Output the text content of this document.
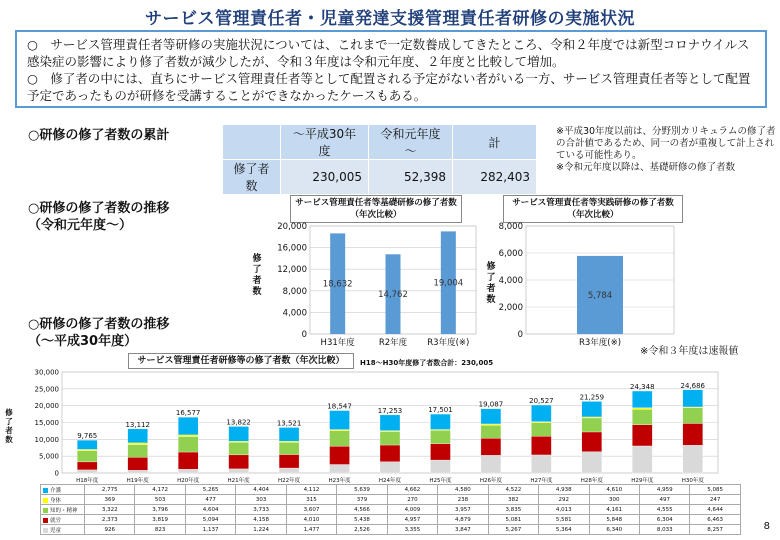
サービス管理責任者・児童発達支援管理責任者研修の実施状況

○　サービス管理責任者等研修の実施状況については、これまで一定数養成してきたところ、令和２年度では新型コロナウイルス感染症の影響により修了者数が減少したが、令和３年度は令和元年度、２年度と比較して増加。

○　修了者の中には、直ちにサービス管理責任者等として配置される予定がない者がいる一方、サービス管理責任者等として配置予定であったものが研修を受講することができなかったケースもある。

○研修の修了者数の累計
		～平成30年度	令和元年度～	計
修了者数	230,005	52,398	282,403
※平成30年度以前は、分野別カリキュラムの修了者の合計値であるため、同一の者が重複して計上されている可能性あり。
※令和元年度以降は、基礎研修の修了者数
○研修の修了者数の推移
（令和元年度～）
○研修の修了者数の推移
（～平成30年度）
サービス管理責任者等基礎研修の修了者数（年次比較）
修了者数
0
4,000
8,000
12,000
16,000
20,000
18,632
H31年度
14,762
R2年度
19,004
R3年度(※)
サービス管理責任者等実践研修の修了者数（年次比較）
修了者数
0
2,000
4,000
6,000
8,000
5,784
R3年度(※)
※令和３年度は速報値
サービス管理責任者研修等の修了者数（年次比較）	H18～H30年度修了者数合計：230,005
修了者数
0
5,000
10,000
15,000
20,000
25,000
30,000
9,765
H18年度
13,112
H19年度
16,577
H20年度
13,822
H21年度
13,521
H22年度
18,547
H23年度
17,253
H24年度
17,501
H25年度
19,087
H26年度
20,527
H27年度
21,259
H28年度
24,348
H29年度
24,686
H30年度
介護	2,775	4,172	5,265	4,404	4,112	5,639	4,662	4,580	4,522	4,938	4,610	4,959	5,085
身体	369	503	477	303	315	379	270	238	382	292	300	497	247
知的・精神	3,322	3,796	4,604	3,733	3,607	4,566	4,009	3,957	3,835	4,013	4,161	4,555	4,644
就労	2,373	3,819	5,094	4,158	4,010	5,438	4,957	4,879	5,081	5,581	5,848	6,304	6,463
児童	926	823	1,137	1,224	1,477	2,526	3,355	3,847	5,267	5,364	6,340	8,033	8,257	8
